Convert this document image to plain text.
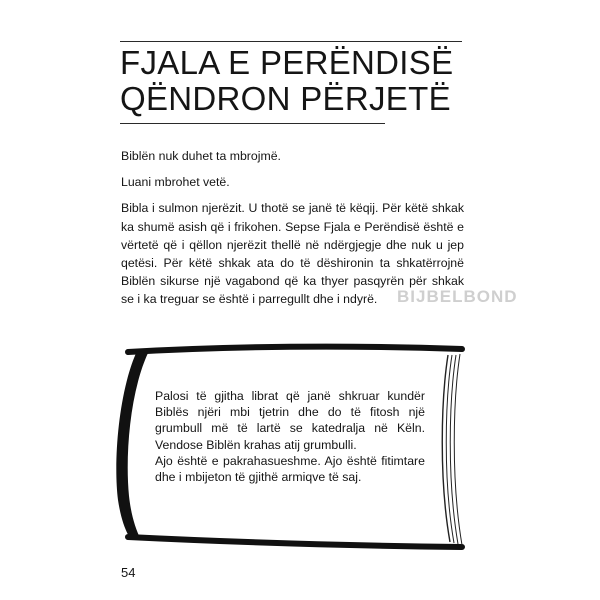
FJALA E PERËNDISË
QËNDRON PËRJETË

Biblën nuk duhet ta mbrojmë.

Luani mbrohet vetë.

Bibla i sulmon njerëzit. U thotë se janë të këqij. Për këtë shkak ka shumë asish që i frikohen. Sepse Fjala e Perëndisë është e vërtetë që i qëllon njerëzit thellë në ndërgjegje dhe nuk u jep qetësi. Për këtë shkak ata do të dëshironin ta shkatërrojnë Biblën sikurse një vagabond që ka thyer pasqyrën për shkak se i ka treguar se është i parregullt dhe i ndyrë.	BIJBELBOND

Palosi të gjitha librat që janë shkruar kundër Biblës njëri mbi tjetrin dhe do të fitosh një grumbull më të lartë se katedralja në Këln. Vendose Biblën krahas atij grumbulli.

Ajo është e pakrahasueshme. Ajo është fitimtare dhe i mbijeton të gjithë armiqve të saj.

54
